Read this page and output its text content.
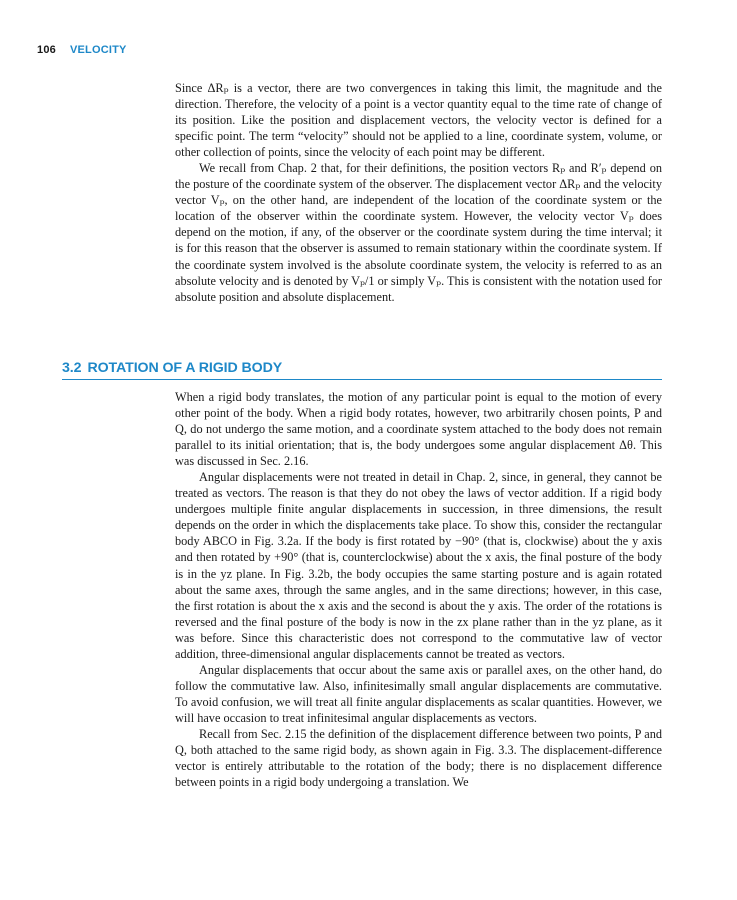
106 VELOCITY

Since ΔRₚ is a vector, there are two convergences in taking this limit, the magnitude and the direction. Therefore, the velocity of a point is a vector quantity equal to the time rate of change of its position. Like the position and displacement vectors, the velocity vector is defined for a specific point. The term “velocity” should not be applied to a line, coordinate system, volume, or other collection of points, since the velocity of each point may be different.

We recall from Chap. 2 that, for their definitions, the position vectors Rₚ and R′ₚ depend on the posture of the coordinate system of the observer. The displacement vector ΔRₚ and the velocity vector Vₚ, on the other hand, are independent of the location of the coordinate system or the location of the observer within the coordinate system. However, the velocity vector Vₚ does depend on the motion, if any, of the observer or the coordinate system during the time interval; it is for this reason that the observer is assumed to remain stationary within the coordinate system. If the coordinate system involved is the absolute coordinate system, the velocity is referred to as an absolute velocity and is denoted by Vₚ/1 or simply Vₚ. This is consistent with the notation used for absolute position and absolute displacement.

3.2 ROTATION OF A RIGID BODY

When a rigid body translates, the motion of any particular point is equal to the motion of every other point of the body. When a rigid body rotates, however, two arbitrarily chosen points, P and Q, do not undergo the same motion, and a coordinate system attached to the body does not remain parallel to its initial orientation; that is, the body undergoes some angular displacement Δθ. This was discussed in Sec. 2.16.

Angular displacements were not treated in detail in Chap. 2, since, in general, they cannot be treated as vectors. The reason is that they do not obey the laws of vector addition. If a rigid body undergoes multiple finite angular displacements in succession, in three dimensions, the result depends on the order in which the displacements take place. To show this, consider the rectangular body ABCO in Fig. 3.2a. If the body is first rotated by −90° (that is, clockwise) about the y axis and then rotated by +90° (that is, counterclockwise) about the x axis, the final posture of the body is in the yz plane. In Fig. 3.2b, the body occupies the same starting posture and is again rotated about the same axes, through the same angles, and in the same directions; however, in this case, the first rotation is about the x axis and the second is about the y axis. The order of the rotations is reversed and the final posture of the body is now in the zx plane rather than in the yz plane, as it was before. Since this characteristic does not correspond to the commutative law of vector addition, three-dimensional angular displacements cannot be treated as vectors.

Angular displacements that occur about the same axis or parallel axes, on the other hand, do follow the commutative law. Also, infinitesimally small angular displacements are commutative. To avoid confusion, we will treat all finite angular displacements as scalar quantities. However, we will have occasion to treat infinitesimal angular displacements as vectors.

Recall from Sec. 2.15 the definition of the displacement difference between two points, P and Q, both attached to the same rigid body, as shown again in Fig. 3.3. The displacement-difference vector is entirely attributable to the rotation of the body; there is no displacement difference between points in a rigid body undergoing a translation. We
